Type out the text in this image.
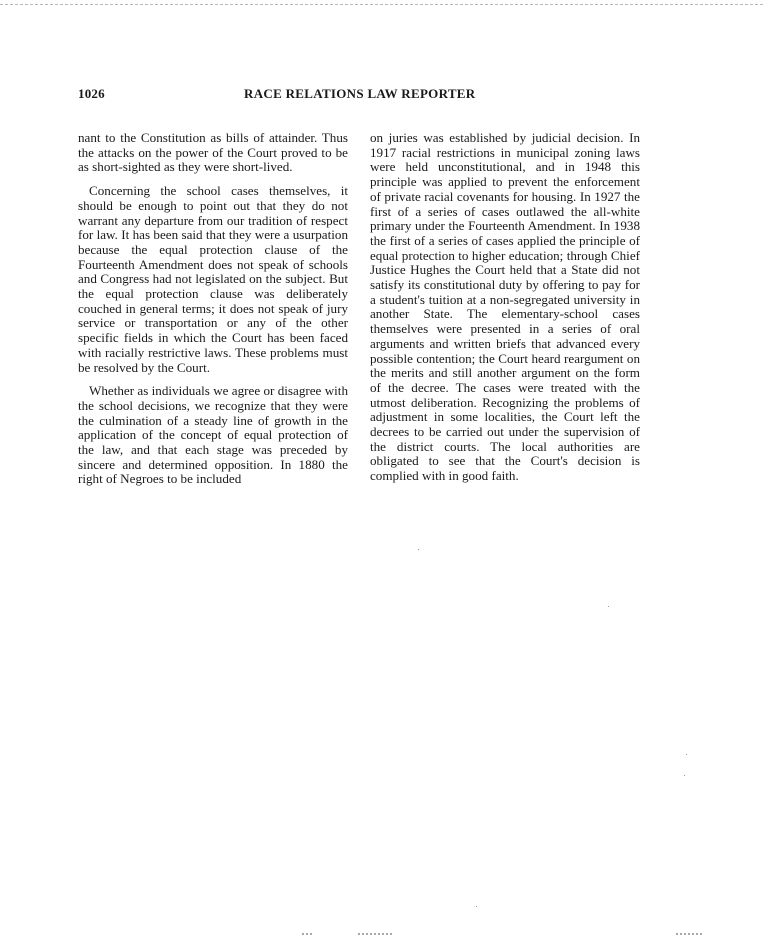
1026	RACE RELATIONS LAW REPORTER

nant to the Constitution as bills of attainder. Thus the attacks on the power of the Court proved to be as short-sighted as they were short-lived.

Concerning the school cases themselves, it should be enough to point out that they do not warrant any departure from our tradition of respect for law. It has been said that they were a usurpation because the equal protection clause of the Fourteenth Amendment does not speak of schools and Congress had not legislated on the subject. But the equal protection clause was deliberately couched in general terms; it does not speak of jury service or transportation or any of the other specific fields in which the Court has been faced with racially restrictive laws. These problems must be resolved by the Court.

Whether as individuals we agree or disagree with the school decisions, we recognize that they were the culmination of a steady line of growth in the application of the concept of equal protection of the law, and that each stage was preceded by sincere and determined opposition. In 1880 the right of Negroes to be included

on juries was established by judicial decision. In 1917 racial restrictions in municipal zoning laws were held unconstitutional, and in 1948 this principle was applied to prevent the enforcement of private racial covenants for housing. In 1927 the first of a series of cases outlawed the all-white primary under the Fourteenth Amendment. In 1938 the first of a series of cases applied the principle of equal protection to higher education; through Chief Justice Hughes the Court held that a State did not satisfy its constitutional duty by offering to pay for a student's tuition at a non-segregated university in another State. The elementary-school cases themselves were presented in a series of oral arguments and written briefs that advanced every possible contention; the Court heard reargument on the merits and still another argument on the form of the decree. The cases were treated with the utmost deliberation. Recognizing the problems of adjustment in some localities, the Court left the decrees to be carried out under the supervision of the district courts. The local authorities are obligated to see that the Court's decision is complied with in good faith.
